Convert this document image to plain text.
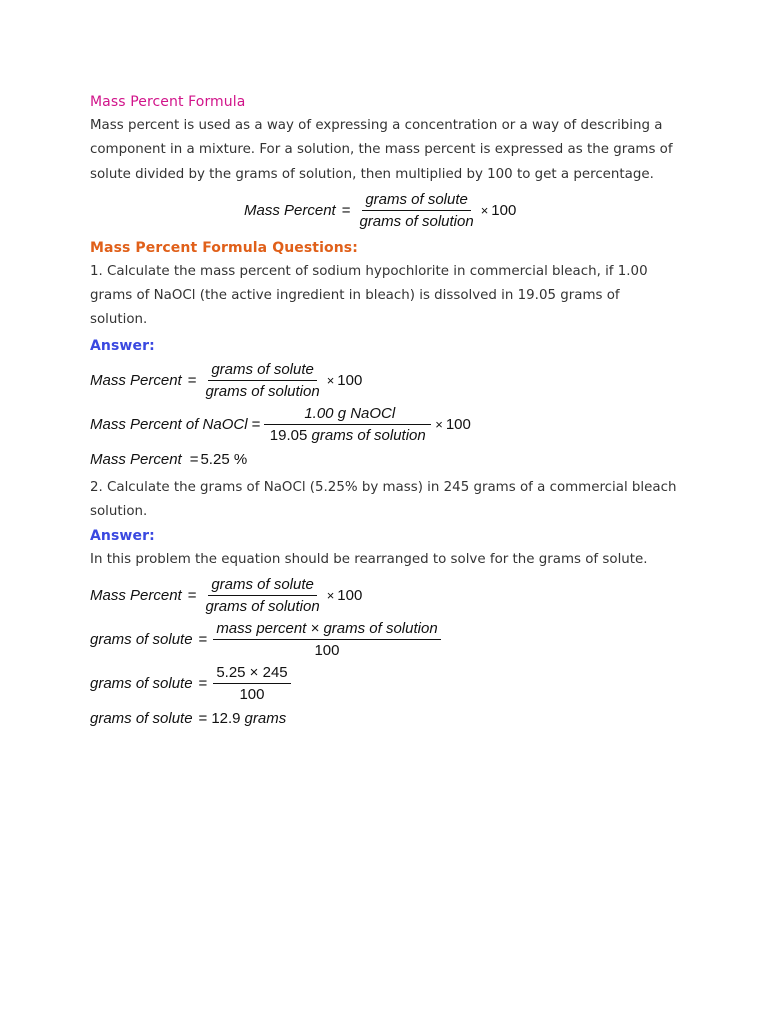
Mass Percent Formula

Mass percent is used as a way of expressing a concentration or a way of describing a component in a mixture. For a solution, the mass percent is expressed as the grams of solute divided by the grams of solution, then multiplied by 100 to get a percentage.

Mass Percent = $\frac{\text{grams of solute}}{\text{grams of solution}} \times 100$
Mass Percent Formula Questions:

1. Calculate the mass percent of sodium hypochlorite in commercial bleach, if 1.00 grams of NaOCl (the active ingredient in bleach) is dissolved in 19.05 grams of solution.

Answer:
Mass Percent = $\frac{\text{grams of solute}}{\text{grams of solution}} \times 100$
Mass Percent of NaOCl = $\frac{\text{1.00 g NaOCl}}{\text{19.05 grams of solution}} \times 100$
Mass Percent = 5.25 %

2. Calculate the grams of NaOCl (5.25% by mass) in 245 grams of a commercial bleach solution.

Answer:

In this problem the equation should be rearranged to solve for the grams of solute.

Mass Percent = $\frac{\text{grams of solute}}{\text{grams of solution}} \times 100$
grams of solute = $\frac{\text{mass percent × grams of solution}}{100}$
grams of solute = $\frac{5.25 \times 245}{100}$
grams of solute = 12.9 grams
